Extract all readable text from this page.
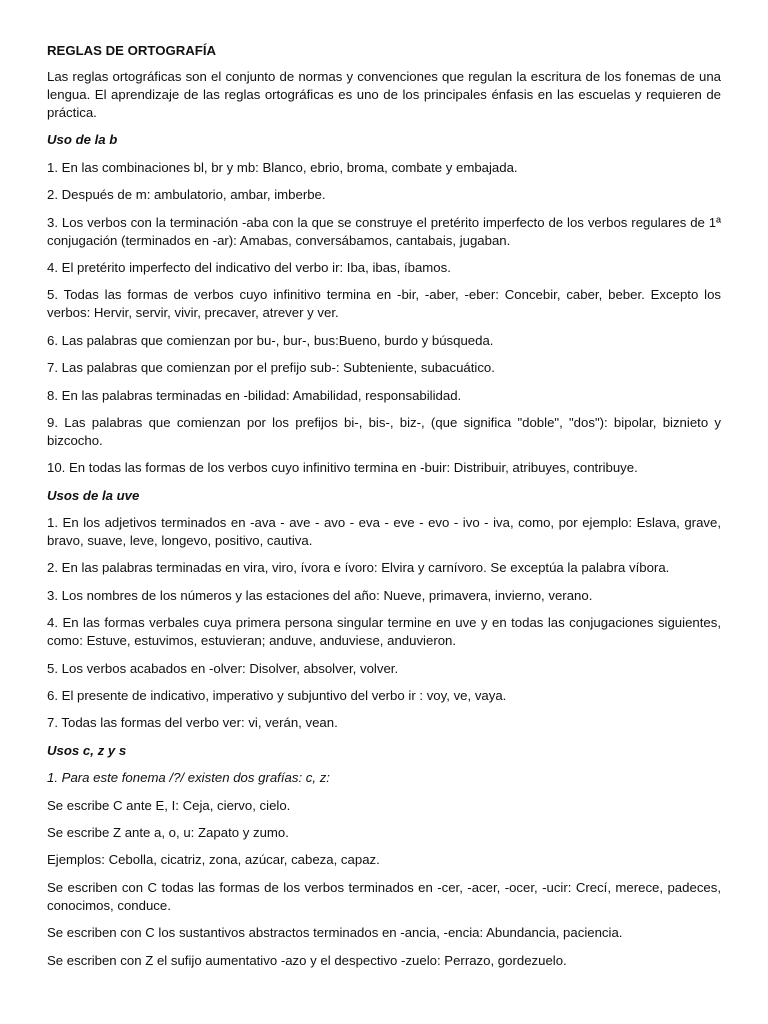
REGLAS DE ORTOGRAFÍA

Las reglas ortográficas son el conjunto de normas y convenciones que regulan la escritura de los fonemas de una lengua. El aprendizaje de las reglas ortográficas es uno de los principales énfasis en las escuelas y requieren de práctica.

Uso de la b

1. En las combinaciones bl, br y mb: Blanco, ebrio, broma, combate y embajada.

2. Después de m: ambulatorio, ambar, imberbe.

3. Los verbos con la terminación -aba con la que se construye el pretérito imperfecto de los verbos regulares de 1ª conjugación (terminados en -ar): Amabas, conversábamos, cantabais, jugaban.

4. El pretérito imperfecto del indicativo del verbo ir: Iba, ibas, íbamos.

5. Todas las formas de verbos cuyo infinitivo termina en -bir, -aber, -eber: Concebir, caber, beber. Excepto los verbos: Hervir, servir, vivir, precaver, atrever y ver.

6. Las palabras que comienzan por bu-, bur-, bus:Bueno, burdo y búsqueda.

7. Las palabras que comienzan por el prefijo sub-: Subteniente, subacuático.

8. En las palabras terminadas en -bilidad: Amabilidad, responsabilidad.

9. Las palabras que comienzan por los prefijos bi-, bis-, biz-, (que significa "doble", "dos"): bipolar, biznieto y bizcocho.

10. En todas las formas de los verbos cuyo infinitivo termina en -buir: Distribuir, atribuyes, contribuye.

Usos de la uve

1. En los adjetivos terminados en -ava - ave - avo - eva - eve - evo - ivo - iva, como, por ejemplo: Eslava, grave, bravo, suave, leve, longevo, positivo, cautiva.

2. En las palabras terminadas en vira, viro, ívora e ívoro: Elvira y carnívoro. Se exceptúa la palabra víbora.

3. Los nombres de los números y las estaciones del año: Nueve, primavera, invierno, verano.

4. En las formas verbales cuya primera persona singular termine en uve y en todas las conjugaciones siguientes, como: Estuve, estuvimos, estuvieran; anduve, anduviese, anduvieron.

5. Los verbos acabados en -olver: Disolver, absolver, volver.

6. El presente de indicativo, imperativo y subjuntivo del verbo ir : voy, ve, vaya.

7. Todas las formas del verbo ver: vi, verán, vean.

Usos c, z y s

1. Para este fonema /?/ existen dos grafías: c, z:

Se escribe C ante E, I: Ceja, ciervo, cielo.

Se escribe Z ante a, o, u: Zapato y zumo.

Ejemplos: Cebolla, cicatriz, zona, azúcar, cabeza, capaz.

Se escriben con C todas las formas de los verbos terminados en -cer, -acer, -ocer, -ucir: Crecí, merece, padeces, conocimos, conduce.

Se escriben con C los sustantivos abstractos terminados en -ancia, -encia: Abundancia, paciencia.

Se escriben con Z el sufijo aumentativo -azo y el despectivo -zuelo: Perrazo, gordezuelo.
